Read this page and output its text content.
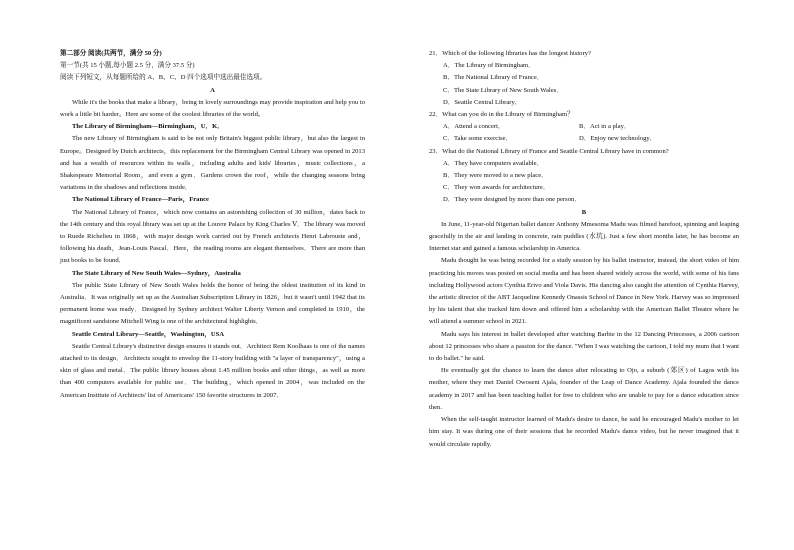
第二部分 阅读(共两节，满分 50 分)

第一节(共 15 小题,每小题 2.5 分，满分 37.5 分)

阅读下列短文，从每题所给的 A、B、C、D 四个选项中选出最佳选项。

A

While it's the books that make a library，being in lovely surroundings may provide inspiration and help you to work a little bit harder。Here are some of the coolest libraries of the world。

The Library of Birmingham—Birmingham，U．K．

The new Library of Birmingham is said to be not only Britain's biggest public library，but also the largest in Europe。Designed by Dutch architects，this replacement for the Birmingham Central Library was opened in 2013 and has a wealth of resources within its walls，including adults and kids' libraries，music collections，a Shakespeare Memorial Room，and even a gym．Gardens crown the roof，while the changing seasons bring variations in the shadows and reflections inside．

The National Library of France—Paris，France

The National Library of France，which now contains an astonishing collection of 30 million，dates back to the 14th century and this royal library was set up at the Louvre Palace by King Charles Ⅴ．The library was moved to Ruede Richelieu in 1868，with major design work carried out by French architects Henri Labrouste and，following his death，Jean-Louis Pascal．Here，the reading rooms are elegant themselves．There are more than just books to be found．

The State Library of New South Wales—Sydney，Australia

The public State Library of New South Wales holds the honor of being the oldest institution of its kind in Australia．It was originally set up as the Australian Subscription Library in 1826，but it wasn't until 1942 that its permanent home was ready．Designed by Sydney architect Walter Liberty Vernon and completed in 1910，the magnificent sandstone Mitchell Wing is one of the architectural highlights．

Seattle Central Library—Seattle，Washington，USA

Seattle Central Library's distinctive design ensures it stands out．Architect Rem Koolhaas is one of the names attached to its design．Architects sought to envelop the 11-story building with "a layer of transparency"，using a skin of glass and metal．The public library houses about 1.45 million books and other things，as well as more than 400 computers available for public use．The building，which opened in 2004，was included on the American Institute of Architects' list of Americans' 150 favorite structures in 2007．

21．Which of the following libraries has the longest history?

A．The Library of Birmingham．

B．The National Library of France．

C．The State Library of New South Wales．

D．Seattle Central Library．

22．What can you do in the Library of Birmingham？

A．Attend a concert．	B．Act in a play．
C．Take some exercise．	D．Enjoy new technology．

23．What do the National Library of France and Seattle Central Library have in common?

A．They have computers available．

B．They were moved to a new place．

C．They won awards for architecture．

D．They were designed by more than one person．

B

In June, 11-year-old Nigerian ballet dancer Anthony Mmesoma Madu was filmed barefoot, spinning and leaping gracefully in the air and landing in concrete, rain puddles (水坑). Just a few short months later, he has become an Internet star and gained a famous scholarship in America.

Madu thought he was being recorded for a study session by his ballet instructor, instead, the short video of him practicing his moves was posted on social media and has been shared widely across the world, with some of his fans including Hollywood actors Cynthia Erivo and Viola Davis. His dancing also caught the attention of Cynthia Harvey, the artistic director of the ABT Jacqueline Kennedy Onassis School of Dance in New York. Harvey was so impressed by his talent that she tracked him down and offered him a scholarship with the American Ballet Theatre where he will attend a summer school in 2021.

Madu says his interest in ballet developed after watching Barbie in the 12 Dancing Princesses, a 2006 cartoon about 12 princesses who share a passion for the dance. "When I was watching the cartoon, I told my mum that I want to do ballet." he said.

He eventually got the chance to learn the dance after relocating to Ojo, a suburb (郊区) of Lagos with his mother, where they met Daniel Owoseni Ajala, founder of the Leap of Dance Academy. Ajala founded the dance academy in 2017 and has been teaching ballet for free to children who are unable to pay for a dance education since then.

When the self-taught instructor learned of Madu's desire to dance, he said he encouraged Madu's mother to let him stay. It was during one of their sessions that he recorded Madu's dance video, but he never imagined that it would circulate rapidly.
